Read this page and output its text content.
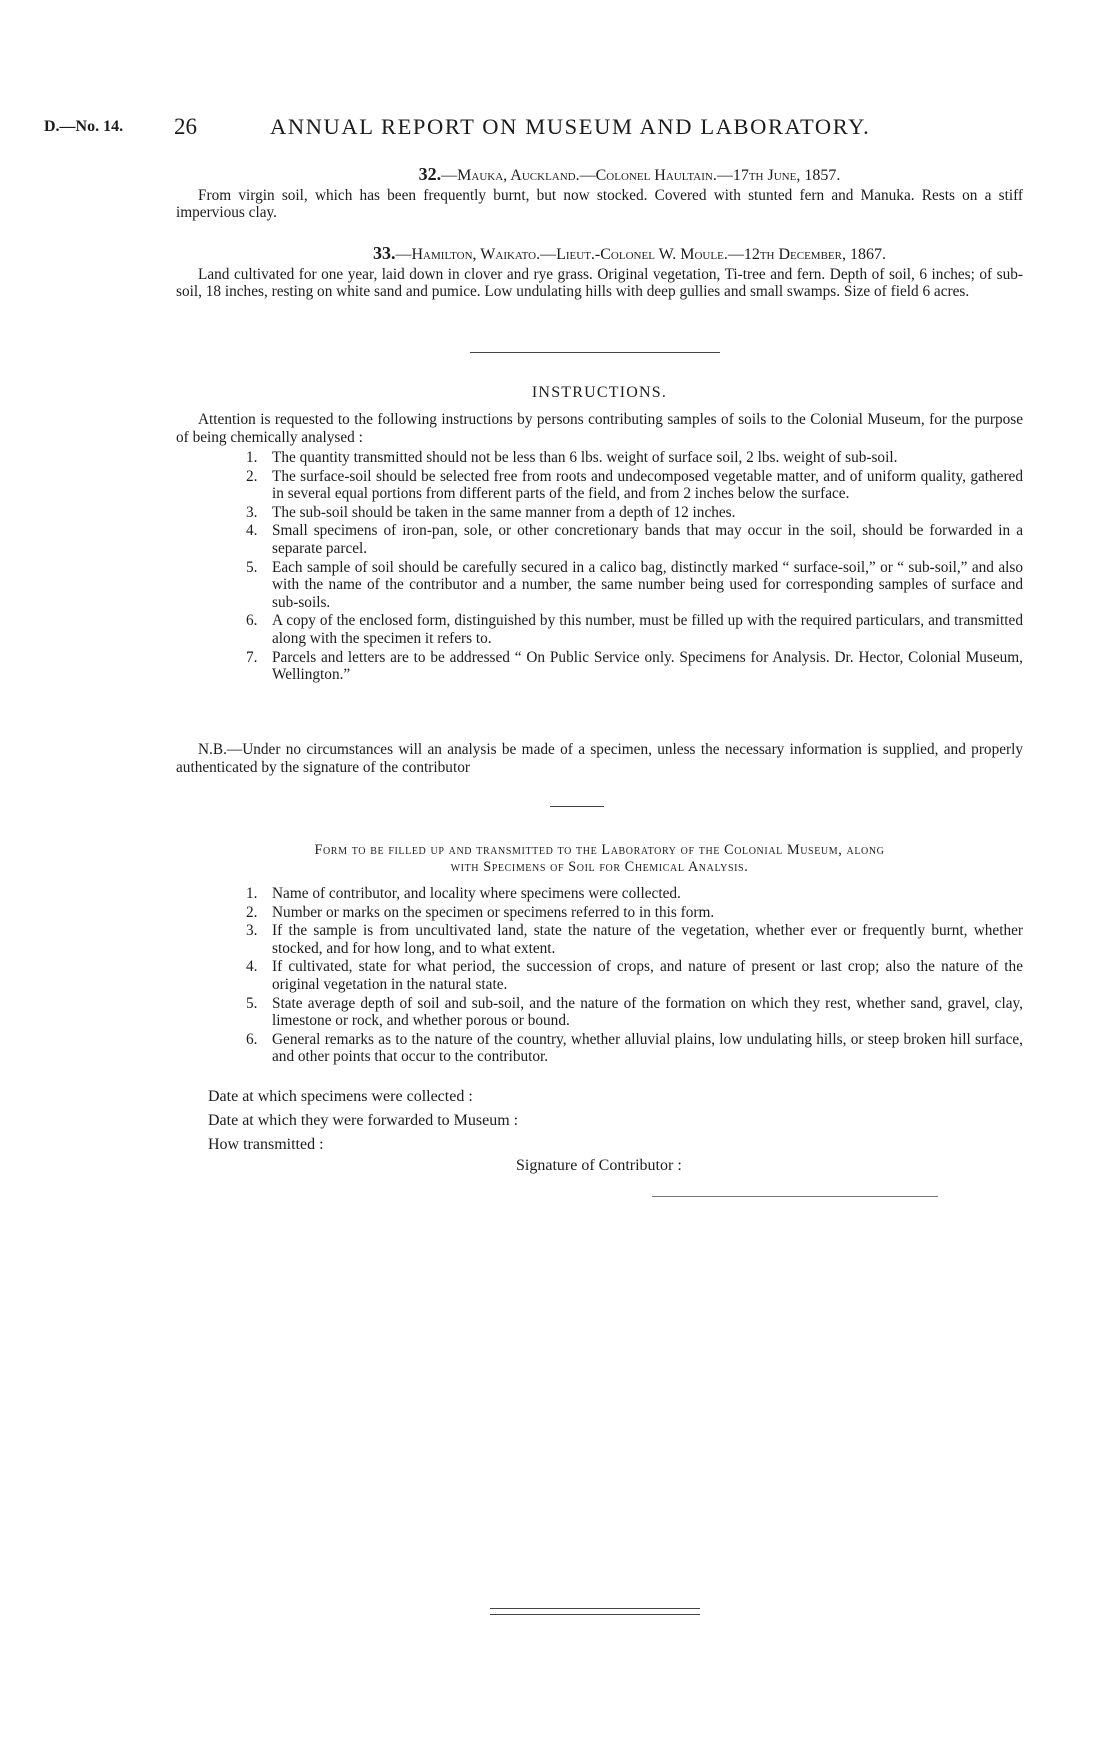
D.—No. 14. 26	ANNUAL REPORT ON MUSEUM AND LABORATORY.
32.—Mauka, Auckland.—Colonel Haultain.—17th June, 1857.
From virgin soil, which has been frequently burnt, but now stocked. Covered with stunted fern and Manuka. Rests on a stiff impervious clay.
33.—Hamilton, Waikato.—Lieut.-Colonel W. Moule.—12th December, 1867.
Land cultivated for one year, laid down in clover and rye grass. Original vegetation, Ti-tree and fern. Depth of soil, 6 inches; of sub-soil, 18 inches, resting on white sand and pumice. Low undulating hills with deep gullies and small swamps. Size of field 6 acres.
INSTRUCTIONS.
Attention is requested to the following instructions by persons contributing samples of soils to the Colonial Museum, for the purpose of being chemically analysed :
1. The quantity transmitted should not be less than 6 lbs. weight of surface soil, 2 lbs. weight of sub-soil.
2. The surface-soil should be selected free from roots and undecomposed vegetable matter, and of uniform quality, gathered in several equal portions from different parts of the field, and from 2 inches below the surface.
3. The sub-soil should be taken in the same manner from a depth of 12 inches.
4. Small specimens of iron-pan, sole, or other concretionary bands that may occur in the soil, should be forwarded in a separate parcel.
5. Each sample of soil should be carefully secured in a calico bag, distinctly marked “ surface-soil,” or “ sub-soil,” and also with the name of the contributor and a number, the same number being used for corresponding samples of surface and sub-soils.
6. A copy of the enclosed form, distinguished by this number, must be filled up with the required particulars, and transmitted along with the specimen it refers to.
7. Parcels and letters are to be addressed “ On Public Service only. Specimens for Analysis. Dr. Hector, Colonial Museum, Wellington.”
N.B.—Under no circumstances will an analysis be made of a specimen, unless the necessary information is supplied, and properly authenticated by the signature of the contributor
Form to be filled up and transmitted to the Laboratory of the Colonial Museum, along
with Specimens of Soil for Chemical Analysis.
1. Name of contributor, and locality where specimens were collected.
2. Number or marks on the specimen or specimens referred to in this form.
3. If the sample is from uncultivated land, state the nature of the vegetation, whether ever or frequently burnt, whether stocked, and for how long, and to what extent.
4. If cultivated, state for what period, the succession of crops, and nature of present or last crop; also the nature of the original vegetation in the natural state.
5. State average depth of soil and sub-soil, and the nature of the formation on which they rest, whether sand, gravel, clay, limestone or rock, and whether porous or bound.
6. General remarks as to the nature of the country, whether alluvial plains, low undulating hills, or steep broken hill surface, and other points that occur to the contributor.
Date at which specimens were collected :
Date at which they were forwarded to Museum :
How transmitted :
Signature of Contributor :
